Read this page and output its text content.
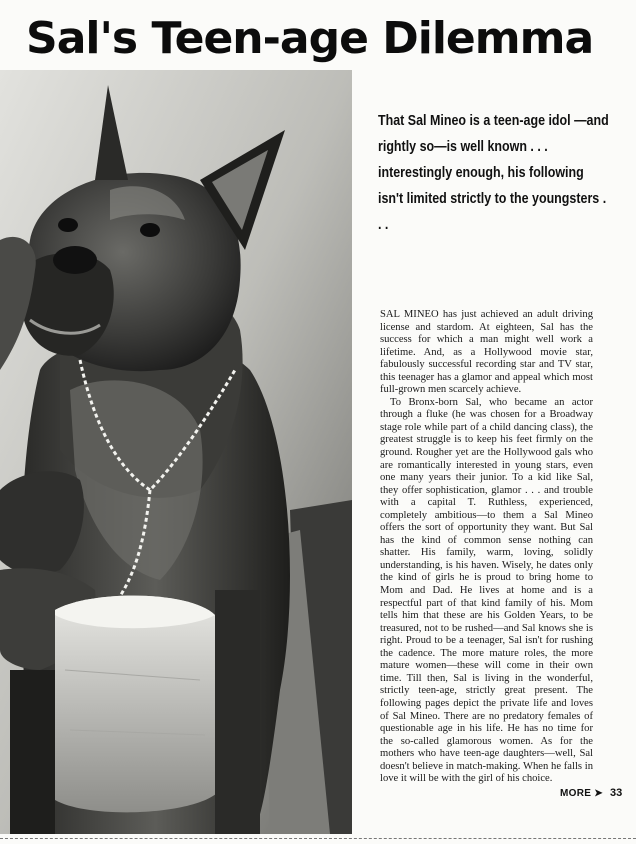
Sal's Teen-age Dilemma
That Sal Mineo is a teen-age idol —and rightly so—is well known . . . interestingly enough, his following isn't limited strictly to the youngsters . . .

SAL MINEO has just achieved an adult driving license and stardom. At eighteen, Sal has the success for which a man might well work a lifetime. And, as a Hollywood movie star, fabulously successful recording star and TV star, this teenager has a glamor and appeal which most full-grown men scarcely achieve.

To Bronx-born Sal, who became an actor through a fluke (he was chosen for a Broadway stage role while part of a child dancing class), the greatest struggle is to keep his feet firmly on the ground. Rougher yet are the Hollywood gals who are romantically interested in young stars, even one many years their junior. To a kid like Sal, they offer sophistication, glamor . . . and trouble with a capital T. Ruthless, experienced, completely ambitious—to them a Sal Mineo offers the sort of opportunity they want. But Sal has the kind of common sense nothing can shatter. His family, warm, loving, solidly understanding, is his haven. Wisely, he dates only the kind of girls he is proud to bring home to Mom and Dad. He lives at home and is a respectful part of that kind family of his. Mom tells him that these are his Golden Years, to be treasured, not to be rushed—and Sal knows she is right. Proud to be a teenager, Sal isn't for rushing the cadence. The more mature roles, the more mature women—these will come in their own time. Till then, Sal is living in the wonderful, strictly teen-age, strictly great present. The following pages depict the private life and loves of Sal Mineo. There are no predatory females of questionable age in his life. He has no time for the so-called glamorous women. As for the mothers who have teen-age daughters—well, Sal doesn't believe in match-making. When he falls in love it will be with the girl of his choice.

MORE ➤ 33
